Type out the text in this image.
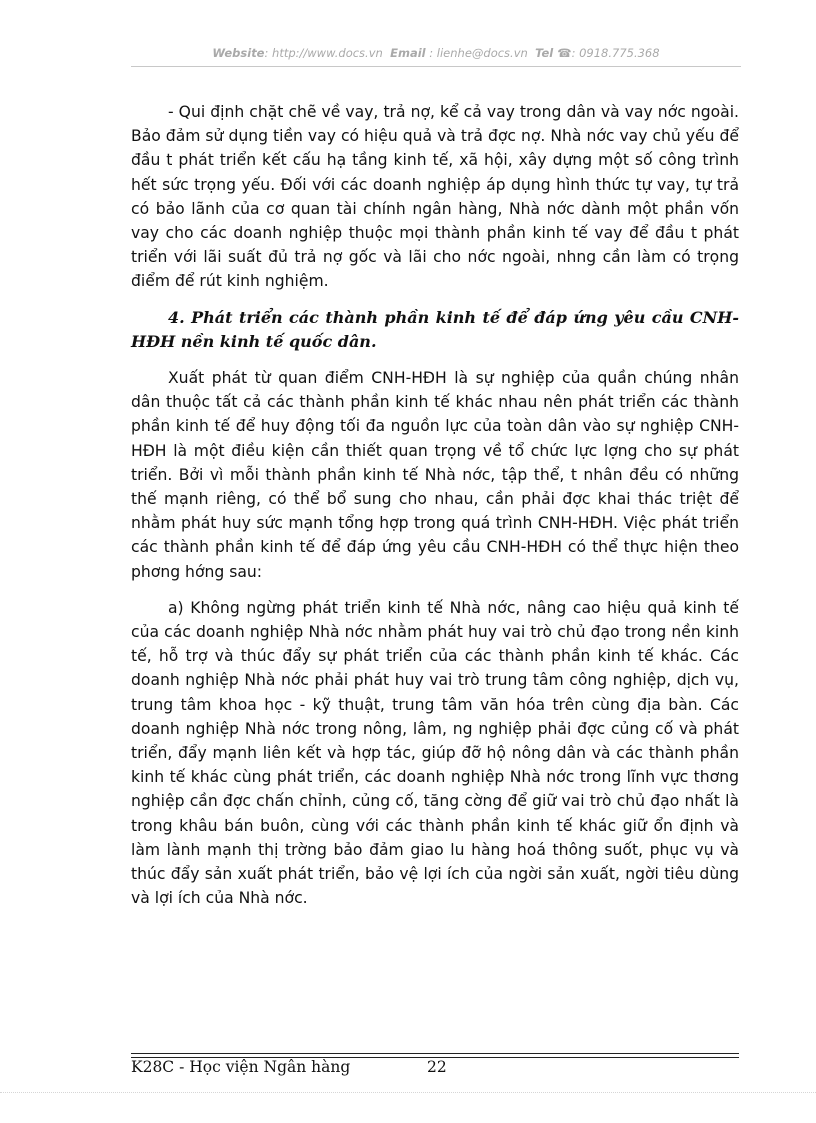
Website: http://www.docs.vn Email : lienhe@docs.vn Tel ☎: 0918.775.368

- Qui định chặt chẽ về vay, trả nợ, kể cả vay trong dân và vay nớc ngoài. Bảo đảm sử dụng tiền vay có hiệu quả và trả đợc nợ. Nhà nớc vay chủ yếu để đầu t phát triển kết cấu hạ tầng kinh tế, xã hội, xây dựng một số công trình hết sức trọng yếu. Đối với các doanh nghiệp áp dụng hình thức tự vay, tự trả có bảo lãnh của cơ quan tài chính ngân hàng, Nhà nớc dành một phần vốn vay cho các doanh nghiệp thuộc mọi thành phần kinh tế vay để đầu t phát triển với lãi suất đủ trả nợ gốc và lãi cho nớc ngoài, nhng cần làm có trọng điểm để rút kinh nghiệm.

4. Phát triển các thành phần kinh tế để đáp ứng yêu cầu CNH-HĐH nền kinh tế quốc dân.

Xuất phát từ quan điểm CNH-HĐH là sự nghiệp của quần chúng nhân dân thuộc tất cả các thành phần kinh tế khác nhau nên phát triển các thành phần kinh tế để huy động tối đa nguồn lực của toàn dân vào sự nghiệp CNH-HĐH là một điều kiện cần thiết quan trọng về tổ chức lực lợng cho sự phát triển. Bởi vì mỗi thành phần kinh tế Nhà nớc, tập thể, t nhân đều có những thế mạnh riêng, có thể bổ sung cho nhau, cần phải đợc khai thác triệt để nhằm phát huy sức mạnh tổng hợp trong quá trình CNH-HĐH. Việc phát triển các thành phần kinh tế để đáp ứng yêu cầu CNH-HĐH có thể thực hiện theo phơng hớng sau:

a) Không ngừng phát triển kinh tế Nhà nớc, nâng cao hiệu quả kinh tế của các doanh nghiệp Nhà nớc nhằm phát huy vai trò chủ đạo trong nền kinh tế, hỗ trợ và thúc đẩy sự phát triển của các thành phần kinh tế khác. Các doanh nghiệp Nhà nớc phải phát huy vai trò trung tâm công nghiệp, dịch vụ, trung tâm khoa học - kỹ thuật, trung tâm văn hóa trên cùng địa bàn. Các doanh nghiệp Nhà nớc trong nông, lâm, ng nghiệp phải đợc củng cố và phát triển, đẩy mạnh liên kết và hợp tác, giúp đỡ hộ nông dân và các thành phần kinh tế khác cùng phát triển, các doanh nghiệp Nhà nớc trong lĩnh vực thơng nghiệp cần đợc chấn chỉnh, củng cố, tăng cờng để giữ vai trò chủ đạo nhất là trong khâu bán buôn, cùng với các thành phần kinh tế khác giữ ổn định và làm lành mạnh thị trờng bảo đảm giao lu hàng hoá thông suốt, phục vụ và thúc đẩy sản xuất phát triển, bảo vệ lợi ích của ngời sản xuất, ngời tiêu dùng và lợi ích của Nhà nớc.

K28C - Học viện Ngân hàng	22
